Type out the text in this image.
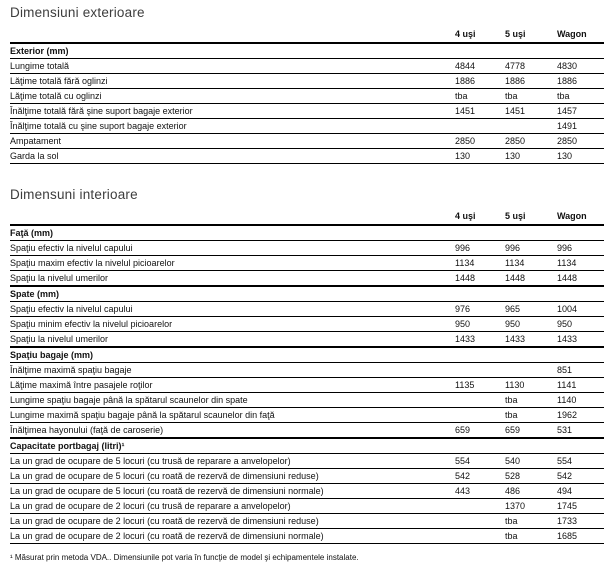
Dimensiuni exterioare
	4 uşi	5 uşi	Wagon
Exterior (mm)			
Lungime totală	4844	4778	4830
Lăţime totală fără oglinzi	1886	1886	1886
Lăţime totală cu oglinzi	tba	tba	tba
Înălţime totală fără şine suport bagaje exterior	1451	1451	1457
Înălţime totală cu şine suport bagaje exterior			1491
Ampatament	2850	2850	2850
Garda la sol	130	130	130
Dimensuni interioare
	4 uşi	5 uşi	Wagon
Faţă (mm)			
Spaţiu efectiv la nivelul capului	996	996	996
Spaţiu maxim efectiv la nivelul picioarelor	1134	1134	1134
Spaţiu la nivelul umerilor	1448	1448	1448
Spate (mm)			
Spaţiu efectiv la nivelul capului	976	965	1004
Spaţiu minim efectiv la nivelul picioarelor	950	950	950
Spaţiu la nivelul umerilor	1433	1433	1433
Spaţiu bagaje (mm)			
Înălţime maximă spaţiu bagaje			851
Lăţime maximă între pasajele roţilor	1135	1130	1141
Lungime spaţiu bagaje până la spătarul scaunelor din spate		tba	1140
Lungime maximă spaţiu bagaje până la spătarul scaunelor din faţă		tba	1962
Înălţimea hayonului (faţă de caroserie)	659	659	531
Capacitate portbagaj (litri)¹			
La un grad de ocupare de 5 locuri (cu trusă de reparare a anvelopelor)	554	540	554
La un grad de ocupare de 5 locuri (cu roată de rezervă de dimensiuni reduse)	542	528	542
La un grad de ocupare de 5 locuri (cu roată de rezervă de dimensiuni normale)	443	486	494
La un grad de ocupare de 2 locuri (cu trusă de reparare a anvelopelor)		1370	1745
La un grad de ocupare de 2 locuri (cu roată de rezervă de dimensiuni reduse)		tba	1733
La un grad de ocupare de 2 locuri (cu roată de rezervă de dimensiuni normale)		tba	1685
¹ Măsurat prin metoda VDA.. Dimensiunile pot varia în funcţie de model şi echipamentele instalate.
